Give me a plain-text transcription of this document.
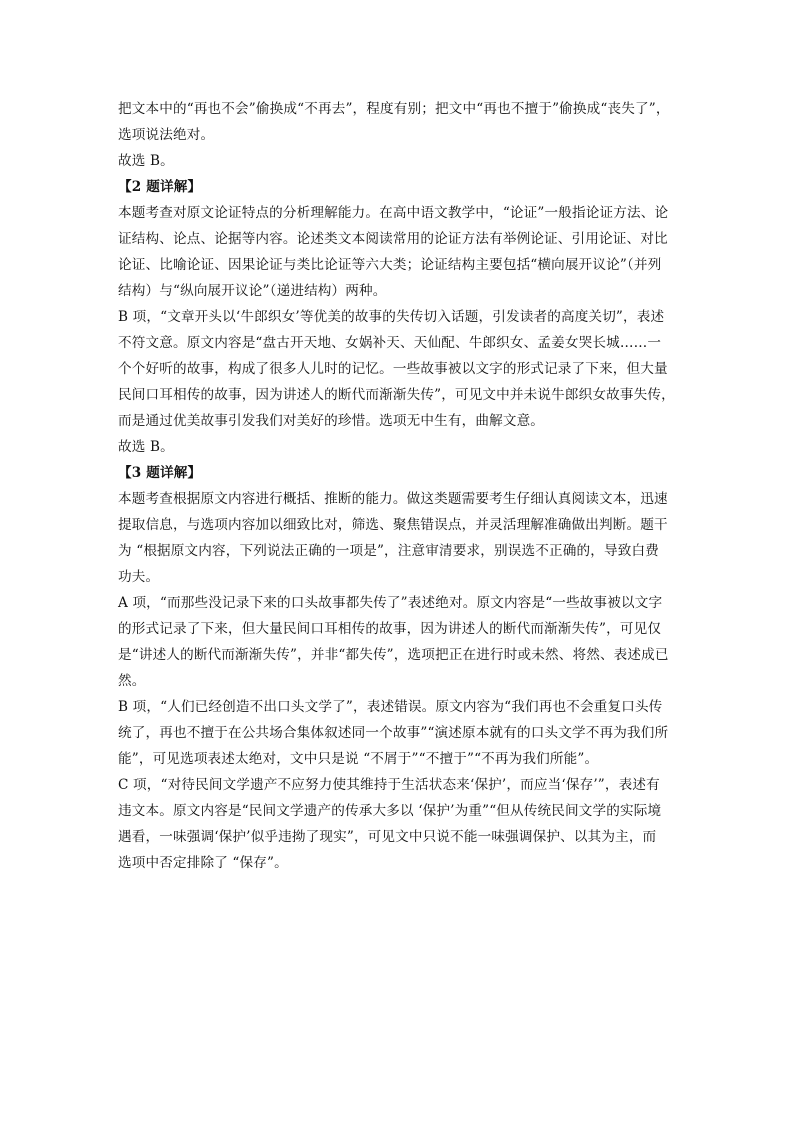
把文本中的“再也不会”偷换成“不再去”，程度有别；把文中“再也不擅于”偷换成“丧失了”，
选项说法绝对。
故选 B。
【2 题详解】
本题考查对原文论证特点的分析理解能力。在高中语文教学中，“论证”一般指论证方法、论
证结构、论点、论据等内容。论述类文本阅读常用的论证方法有举例论证、引用论证、对比
论证、比喻论证、因果论证与类比论证等六大类；论证结构主要包括“横向展开议论”（并列
结构）与“纵向展开议论”（递进结构）两种。
B 项，“文章开头以‘牛郎织女’等优美的故事的失传切入话题，引发读者的高度关切”，表述
不符文意。原文内容是“盘古开天地、女娲补天、天仙配、牛郎织女、孟姜女哭长城……一
个个好听的故事，构成了很多人儿时的记忆。一些故事被以文字的形式记录了下来，但大量
民间口耳相传的故事，因为讲述人的断代而渐渐失传”，可见文中并未说牛郎织女故事失传，
而是通过优美故事引发我们对美好的珍惜。选项无中生有，曲解文意。
故选 B。
【3 题详解】
本题考查根据原文内容进行概括、推断的能力。做这类题需要考生仔细认真阅读文本，迅速
提取信息，与选项内容加以细致比对，筛选、聚焦错误点，并灵活理解准确做出判断。题干
为 “根据原文内容，下列说法正确的一项是”，注意审清要求，别误选不正确的，导致白费
功夫。
A 项，“而那些没记录下来的口头故事都失传了”表述绝对。原文内容是“一些故事被以文字
的形式记录了下来，但大量民间口耳相传的故事，因为讲述人的断代而渐渐失传”，可见仅
是“讲述人的断代而渐渐失传”，并非“都失传”，选项把正在进行时或未然、将然、表述成已
然。
B 项，“人们已经创造不出口头文学了”，表述错误。原文内容为“我们再也不会重复口头传
统了，再也不擅于在公共场合集体叙述同一个故事”“演述原本就有的口头文学不再为我们所
能”，可见选项表述太绝对，文中只是说 “不屑于”“不擅于”“不再为我们所能”。
C 项，“对待民间文学遗产不应努力使其维持于生活状态来‘保护’，而应当‘保存’”，表述有
违文本。原文内容是“民间文学遗产的传承大多以 ‘保护’为重”“但从传统民间文学的实际境
遇看，一味强调‘保护’似乎违拗了现实”，可见文中只说不能一味强调保护、以其为主，而
选项中否定排除了 “保存”。
